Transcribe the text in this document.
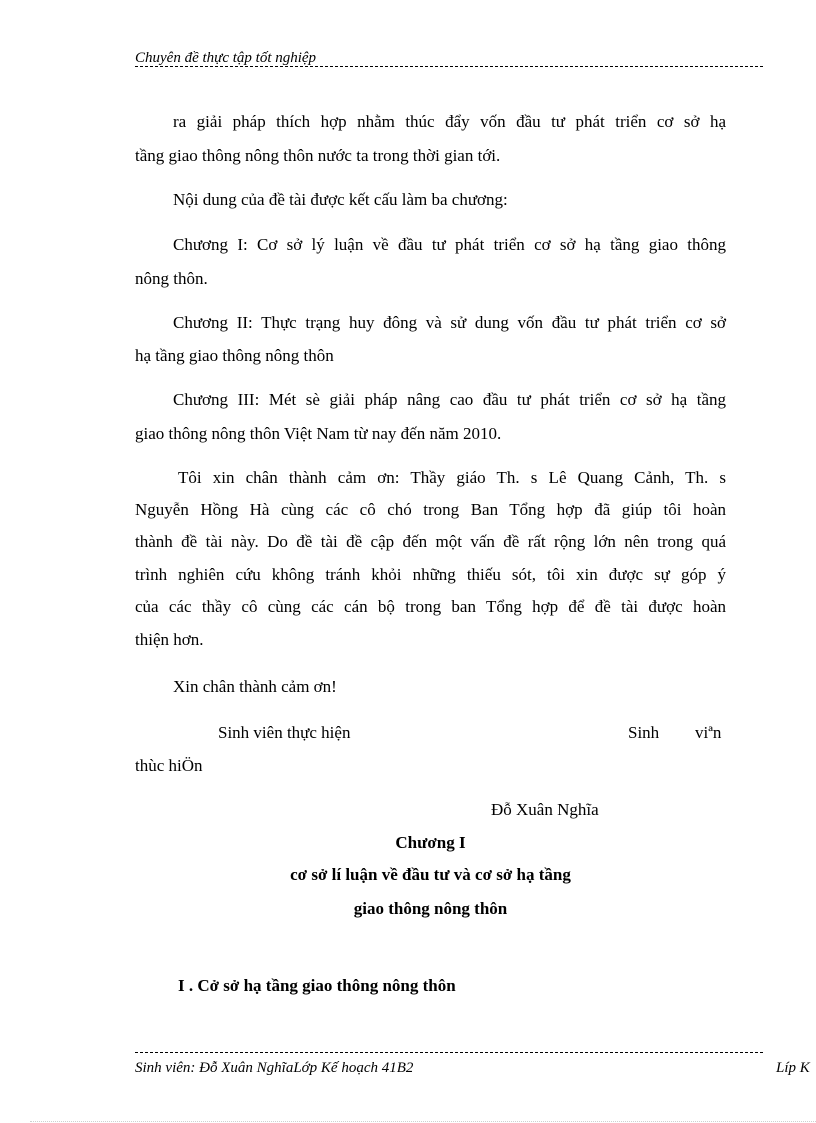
Chuyên đề thực tập tốt nghiệp
ra giải pháp thích hợp nhằm thúc đẩy vốn đầu tư phát triển cơ sở hạ
tầng giao thông nông thôn nước ta trong thời gian tới.
Nội dung của đề tài được kết cấu làm ba chương:
Chương I: Cơ sở lý luận về đầu tư phát triển cơ sở hạ tầng giao thông
nông thôn.
Chương II: Thực trạng huy đông và sử dung vốn đầu tư phát triển cơ sở
hạ tầng giao thông nông thôn
Chương III: Mét sè giải pháp nâng cao đầu tư phát triển cơ sở hạ tầng
giao thông nông thôn Việt Nam từ nay đến năm 2010.
Tôi xin chân thành cảm ơn: Thầy giáo Th. s Lê Quang Cảnh, Th. s
Nguyễn Hồng Hà cùng các cô chó trong Ban Tổng hợp đã giúp tôi hoàn
thành đề tài này. Do đề tài đề cập đến một vấn đề rất rộng lớn nên trong quá
trình nghiên cứu không tránh khỏi những thiếu sót, tôi xin được sự góp ý
của các thầy cô cùng các cán bộ trong ban Tổng hợp để đề tài được hoàn
thiện hơn.
Xin chân thành cảm ơn!
Sinh viên thực hiện	Sinh viªn
thùc hiÖn
Đỗ Xuân Nghĩa
Chương I
cơ sở lí luận về đầu tư và cơ sở hạ tầng
giao thông nông thôn
I . Cở sở hạ tầng giao thông nông thôn
Sinh viên: Đỗ Xuân NghĩaLớp Kế hoạch 41B2	Líp K
